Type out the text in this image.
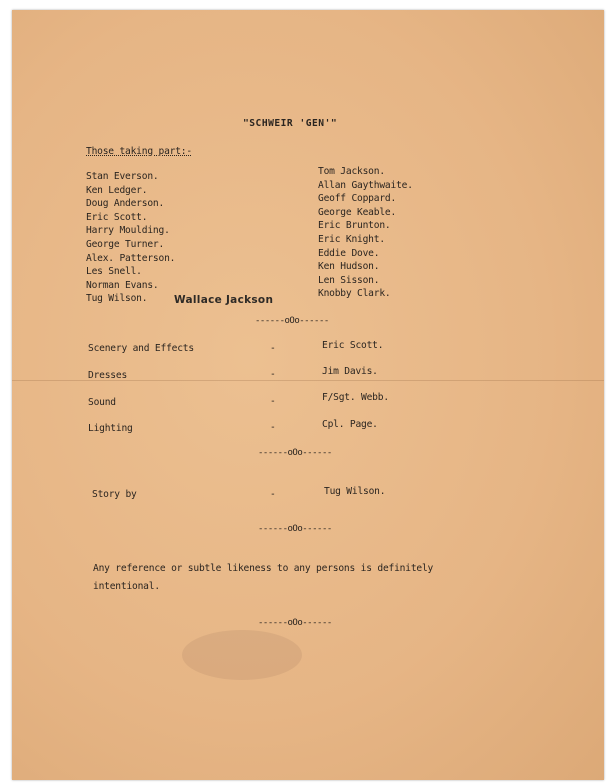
"SCHWEIR 'GEN'"

Those taking part:-

Stan Everson.
Ken Ledger.
Doug Anderson.
Eric Scott.
Harry Moulding.
George Turner.
Alex. Patterson.
Les Snell.
Norman Evans.
Tug Wilson.	Wallace Jackson
Tom Jackson.
Allan Gaythwaite.
Geoff Coppard.
George Keable.
Eric Brunton.
Eric Knight.
Eddie Dove.
Ken Hudson.
Len Sisson.
Knobby Clark.
------oOo------

Scenery and Effects	-	Eric Scott.

Dresses	-	Jim Davis.

Sound	-	F/Sgt. Webb.

Lighting	-	Cpl. Page.

------oOo------

Story by	-	Tug Wilson.

------oOo------

Any reference or subtle likeness to any persons is definitely

intentional.

------oOo------
